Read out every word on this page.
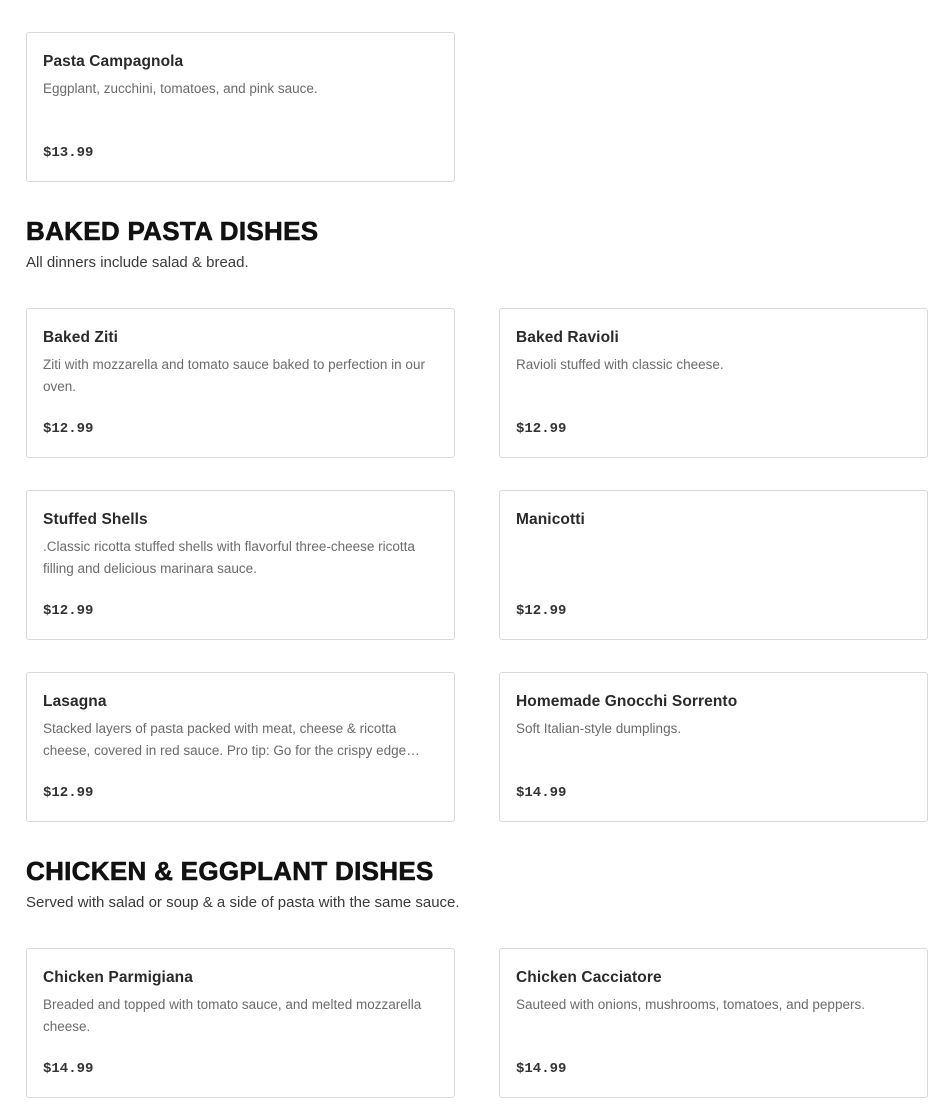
Pasta Campagnola
Eggplant, zucchini, tomatoes, and pink sauce.
$13.99
BAKED PASTA DISHES
All dinners include salad & bread.
Baked Ziti
Ziti with mozzarella and tomato sauce baked to perfection in our oven.
$12.99
Baked Ravioli
Ravioli stuffed with classic cheese.
$12.99
Stuffed Shells
.Classic ricotta stuffed shells with flavorful three-cheese ricotta filling and delicious marinara sauce.
$12.99
Manicotti
$12.99
Lasagna
Stacked layers of pasta packed with meat, cheese & ricotta cheese, covered in red sauce. Pro tip: Go for the crispy edge…
$12.99
Homemade Gnocchi Sorrento
Soft Italian-style dumplings.
$14.99
CHICKEN & EGGPLANT DISHES
Served with salad or soup & a side of pasta with the same sauce.
Chicken Parmigiana
Breaded and topped with tomato sauce, and melted mozzarella cheese.
$14.99
Chicken Cacciatore
Sauteed with onions, mushrooms, tomatoes, and peppers.
$14.99
